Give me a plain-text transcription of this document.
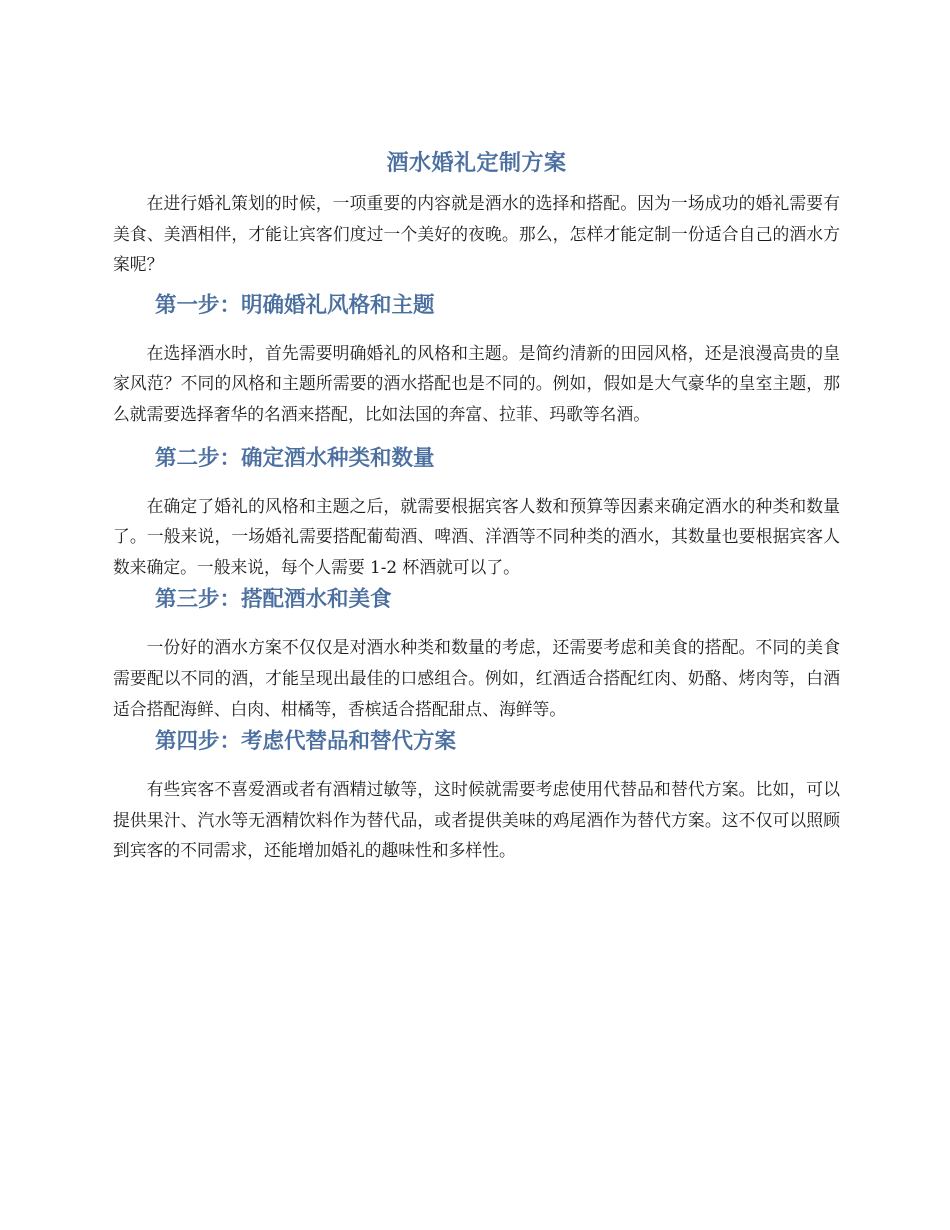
酒水婚礼定制方案

在进行婚礼策划的时候，一项重要的内容就是酒水的选择和搭配。因为一场成功的婚礼需要有美食、美酒相伴，才能让宾客们度过一个美好的夜晚。那么，怎样才能定制一份适合自己的酒水方案呢？

第一步：明确婚礼风格和主题

在选择酒水时，首先需要明确婚礼的风格和主题。是简约清新的田园风格，还是浪漫高贵的皇家风范？不同的风格和主题所需要的酒水搭配也是不同的。例如，假如是大气豪华的皇室主题，那么就需要选择奢华的名酒来搭配，比如法国的奔富、拉菲、玛歌等名酒。

第二步：确定酒水种类和数量

在确定了婚礼的风格和主题之后，就需要根据宾客人数和预算等因素来确定酒水的种类和数量了。一般来说，一场婚礼需要搭配葡萄酒、啤酒、洋酒等不同种类的酒水，其数量也要根据宾客人数来确定。一般来说，每个人需要 1-2 杯酒就可以了。

第三步：搭配酒水和美食

一份好的酒水方案不仅仅是对酒水种类和数量的考虑，还需要考虑和美食的搭配。不同的美食需要配以不同的酒，才能呈现出最佳的口感组合。例如，红酒适合搭配红肉、奶酪、烤肉等，白酒适合搭配海鲜、白肉、柑橘等，香槟适合搭配甜点、海鲜等。

第四步：考虑代替品和替代方案

有些宾客不喜爱酒或者有酒精过敏等，这时候就需要考虑使用代替品和替代方案。比如，可以提供果汁、汽水等无酒精饮料作为替代品，或者提供美味的鸡尾酒作为替代方案。这不仅可以照顾到宾客的不同需求，还能增加婚礼的趣味性和多样性。
